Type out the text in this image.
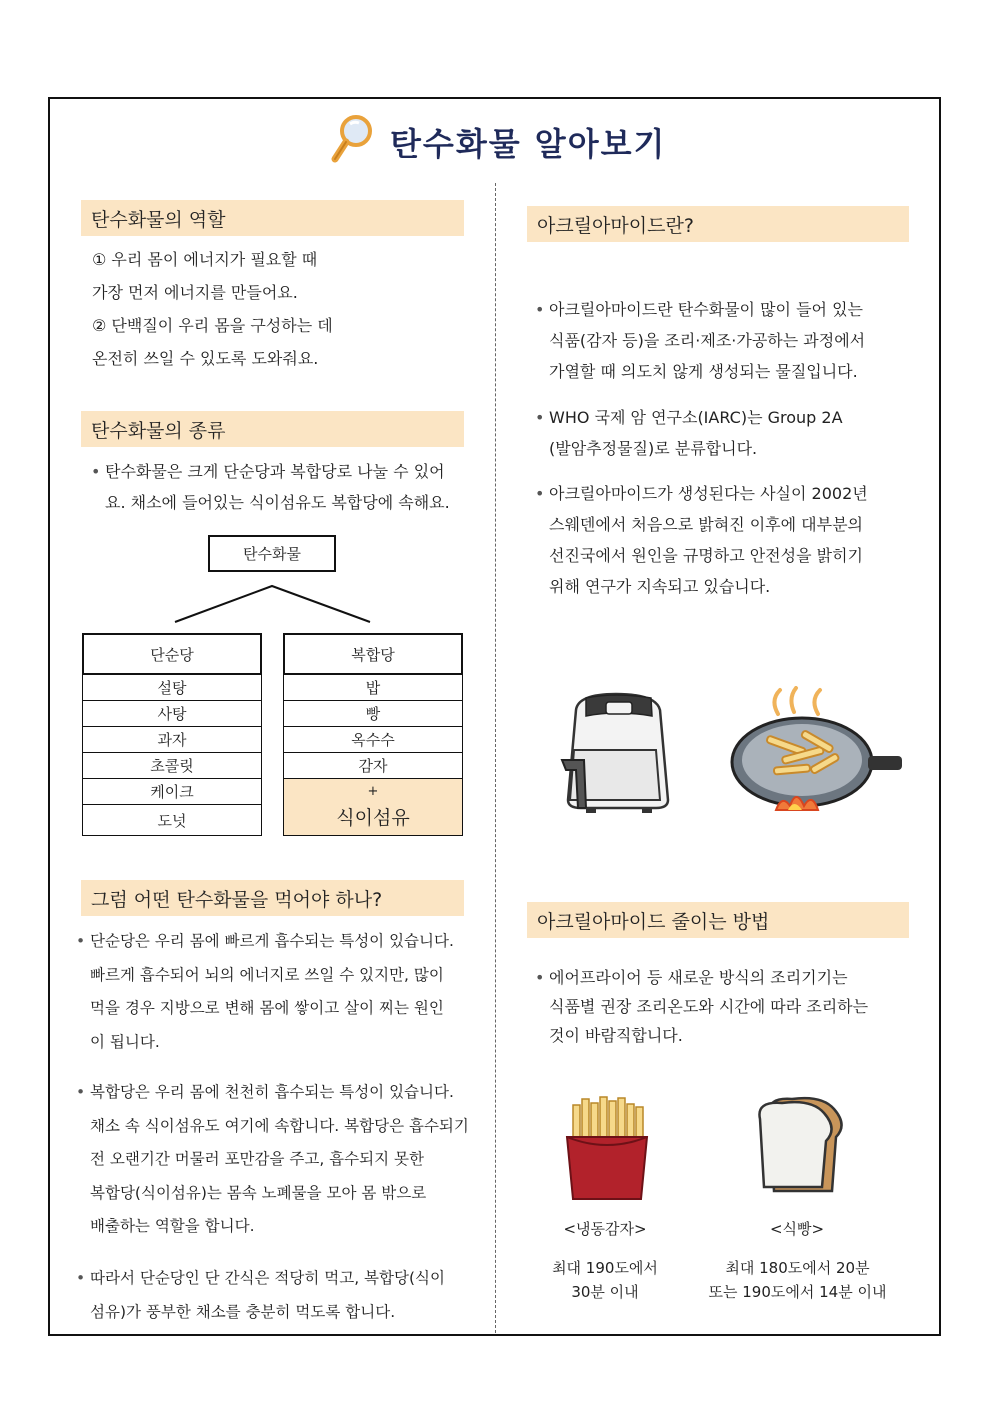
탄수화물 알아보기
탄수화물의 역할
① 우리 몸이 에너지가 필요할 때
가장 먼저 에너지를 만들어요.
② 단백질이 우리 몸을 구성하는 데
온전히 쓰일 수 있도록 도와줘요.
탄수화물의 종류
• 탄수화물은 크게 단순당과 복합당로 나눌 수 있어
요. 채소에 들어있는 식이섬유도 복합당에 속해요.
탄수화물
단순당
설탕
사탕
과자
초콜릿
케이크
도넛
복합당
밥
빵
옥수수
감자
+
식이섬유
그럼 어떤 탄수화물을 먹어야 하나?
• 단순당은 우리 몸에 빠르게 흡수되는 특성이 있습니다.
빠르게 흡수되어 뇌의 에너지로 쓰일 수 있지만, 많이
먹을 경우 지방으로 변해 몸에 쌓이고 살이 찌는 원인
이 됩니다.
• 복합당은 우리 몸에 천천히 흡수되는 특성이 있습니다.
채소 속 식이섬유도 여기에 속합니다. 복합당은 흡수되기
전 오랜기간 머물러 포만감을 주고, 흡수되지 못한
복합당(식이섬유)는 몸속 노폐물을 모아 몸 밖으로
배출하는 역할을 합니다.
• 따라서 단순당인 단 간식은 적당히 먹고, 복합당(식이
섬유)가 풍부한 채소를 충분히 먹도록 합니다.
아크릴아마이드란?
• 아크릴아마이드란 탄수화물이 많이 들어 있는
식품(감자 등)을 조리·제조·가공하는 과정에서
가열할 때 의도치 않게 생성되는 물질입니다.
• WHO 국제 암 연구소(IARC)는 Group 2A
(발암추정물질)로 분류합니다.
• 아크릴아마이드가 생성된다는 사실이 2002년
스웨덴에서 처음으로 밝혀진 이후에 대부분의
선진국에서 원인을 규명하고 안전성을 밝히기
위해 연구가 지속되고 있습니다.
아크릴아마이드 줄이는 방법
• 에어프라이어 등 새로운 방식의 조리기기는
식품별 권장 조리온도와 시간에 따라 조리하는
것이 바람직합니다.
<냉동감자>
최대 190도에서
30분 이내
<식빵>
최대 180도에서 20분
또는 190도에서 14분 이내
